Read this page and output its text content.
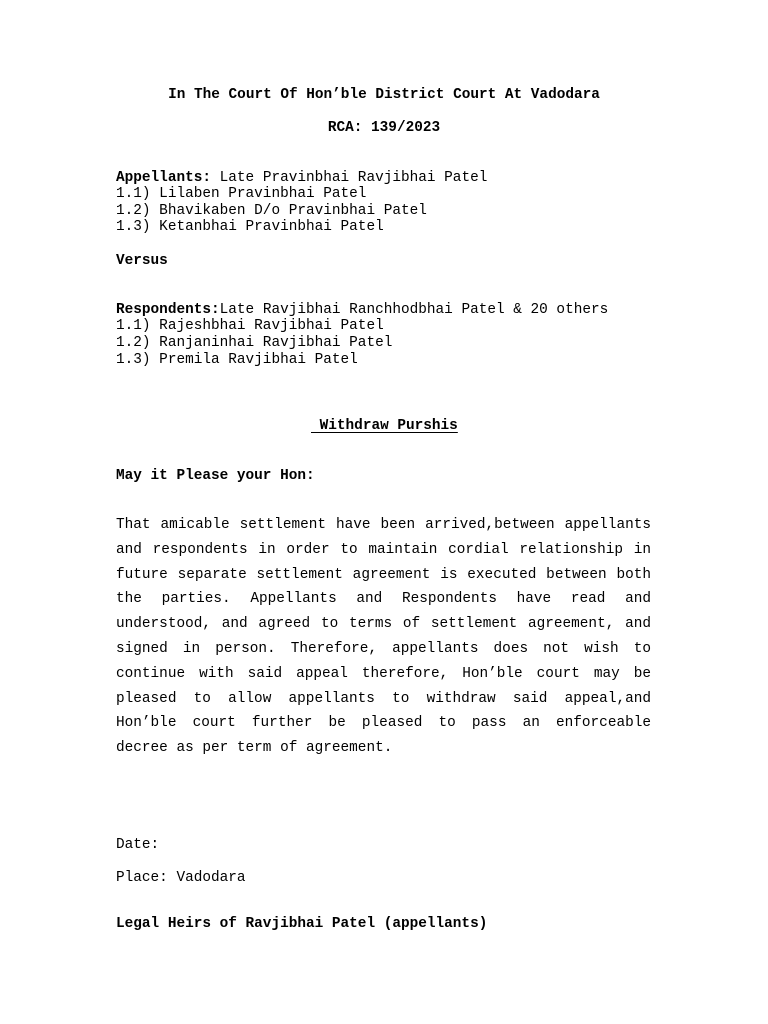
In The Court Of Hon’ble District Court At Vadodara
RCA: 139/2023
Appellants: Late Pravinbhai Ravjibhai Patel
1.1) Lilaben Pravinbhai Patel
1.2) Bhavikaben D/o Pravinbhai Patel
1.3) Ketanbhai Pravinbhai Patel
Versus
Respondents:Late Ravjibhai Ranchhodbhai Patel & 20 others
1.1) Rajeshbhai Ravjibhai Patel
1.2) Ranjaninhai Ravjibhai Patel
1.3) Premila Ravjibhai Patel
Withdraw Purshis
May it Please your Hon:
That amicable settlement have been arrived,between appellants and respondents in order to maintain cordial relationship in future separate settlement agreement is executed between both the parties. Appellants and Respondents have read and understood, and agreed to terms of settlement agreement, and signed in person. Therefore, appellants does not wish to continue with said appeal therefore, Hon’ble court may be pleased to allow appellants to withdraw said appeal,and Hon’ble court further be pleased to pass an enforceable decree as per term of agreement.
Date:
Place: Vadodara
Legal Heirs of Ravjibhai Patel (appellants)
